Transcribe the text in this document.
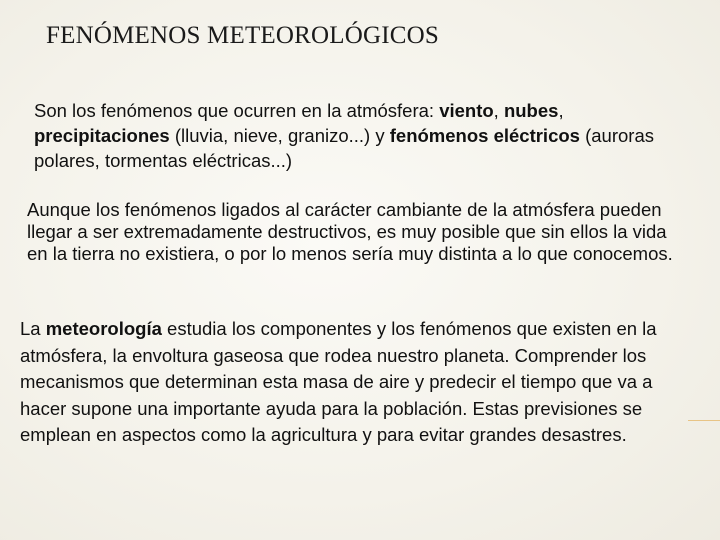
FENÓMENOS METEOROLÓGICOS
Son los fenómenos que ocurren en la atmósfera: viento, nubes, precipitaciones (lluvia, nieve, granizo...) y fenómenos eléctricos (auroras polares, tormentas eléctricas...)
Aunque los fenómenos ligados al carácter cambiante de la atmósfera pueden llegar a ser extremadamente destructivos, es muy posible que sin ellos la vida en la tierra no existiera, o por lo menos sería muy distinta a lo que conocemos.
La meteorología estudia los componentes y los fenómenos que existen en la atmósfera, la envoltura gaseosa que rodea nuestro planeta. Comprender los mecanismos que determinan esta masa de aire y predecir el tiempo que va a hacer supone una importante ayuda para la población. Estas previsiones se emplean en aspectos como la agricultura y para evitar grandes desastres.
